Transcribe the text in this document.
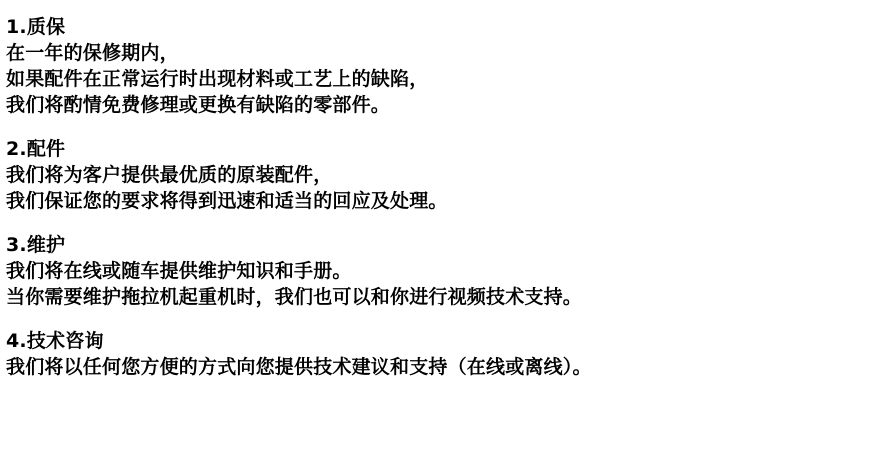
1.质保
在一年的保修期内，
如果配件在正常运行时出现材料或工艺上的缺陷，
我们将酌情免费修理或更换有缺陷的零部件。
2.配件
我们将为客户提供最优质的原装配件，
我们保证您的要求将得到迅速和适当的回应及处理。
3.维护
我们将在线或随车提供维护知识和手册。
当你需要维护拖拉机起重机时，我们也可以和你进行视频技术支持。
4.技术咨询
我们将以任何您方便的方式向您提供技术建议和支持（在线或离线）。
